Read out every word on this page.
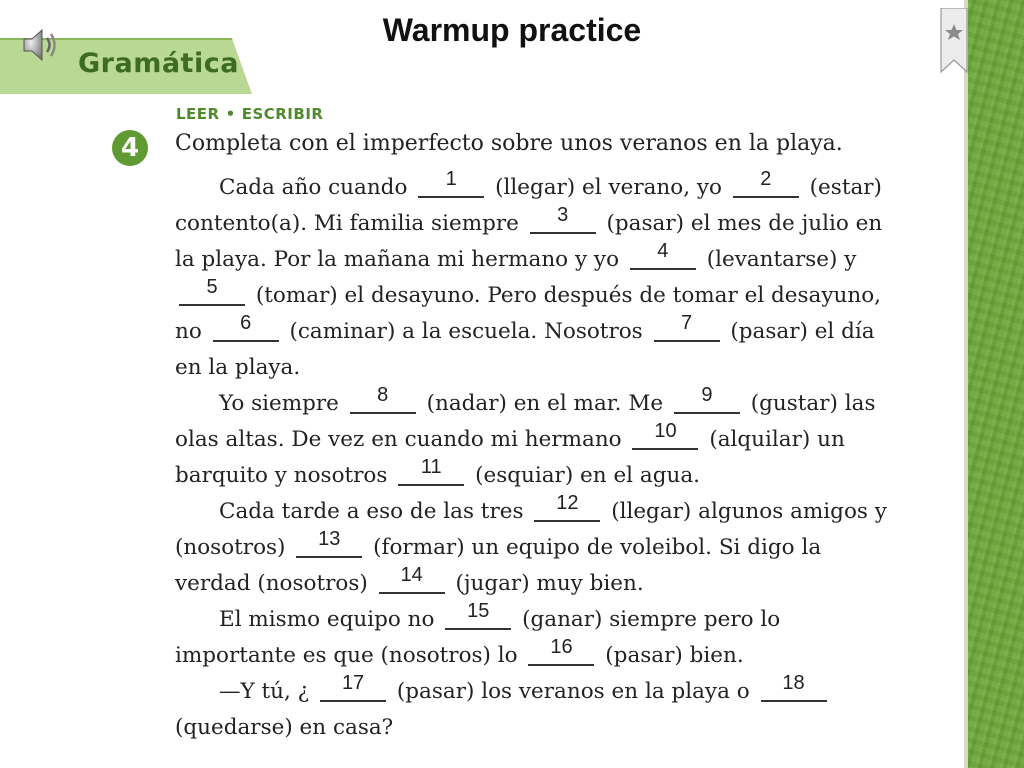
Gramática
Warmup practice
LEER • ESCRIBIR
4	Completa con el imperfecto sobre unos veranos en la playa.
Cada año cuando	1	(llegar) el verano, yo	2	(estar)
contento(a). Mi familia siempre	3	(pasar) el mes de julio en
la playa. Por la mañana mi hermano y yo	4	(levantarse) y
5	(tomar) el desayuno. Pero después de tomar el desayuno,
no	6	(caminar) a la escuela. Nosotros	7	(pasar) el día
en la playa.
Yo siempre	8	(nadar) en el mar. Me	9	(gustar) las
olas altas. De vez en cuando mi hermano	10	(alquilar) un
barquito y nosotros	11	(esquiar) en el agua.
Cada tarde a eso de las tres	12	(llegar) algunos amigos y
(nosotros)	13	(formar) un equipo de voleibol. Si digo la
verdad (nosotros)	14	(jugar) muy bien.
El mismo equipo no	15	(ganar) siempre pero lo
importante es que (nosotros) lo	16	(pasar) bien.
—Y tú, ¿	17	(pasar) los veranos en la playa o	18
(quedarse) en casa?
